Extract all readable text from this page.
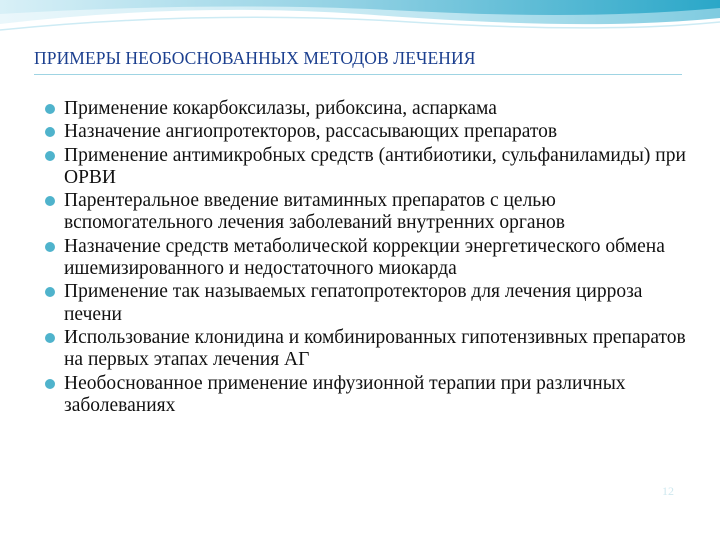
ПРИМЕРЫ НЕОБОСНОВАННЫХ МЕТОДОВ ЛЕЧЕНИЯ
Применение кокарбоксилазы, рибоксина, аспаркама
Назначение ангиопротекторов, рассасывающих препаратов
Применение антимикробных средств (антибиотики, сульфаниламиды) при ОРВИ
Парентеральное введение витаминных препаратов с целью вспомогательного лечения заболеваний внутренних органов
Назначение средств метаболической коррекции энергетического обмена ишемизированного и недостаточного миокарда
Применение так называемых гепатопротекторов для лечения цирроза печени
Использование клонидина и комбинированных гипотензивных препаратов на первых этапах лечения АГ
Необоснованное применение инфузионной терапии при различных заболеваниях
12
